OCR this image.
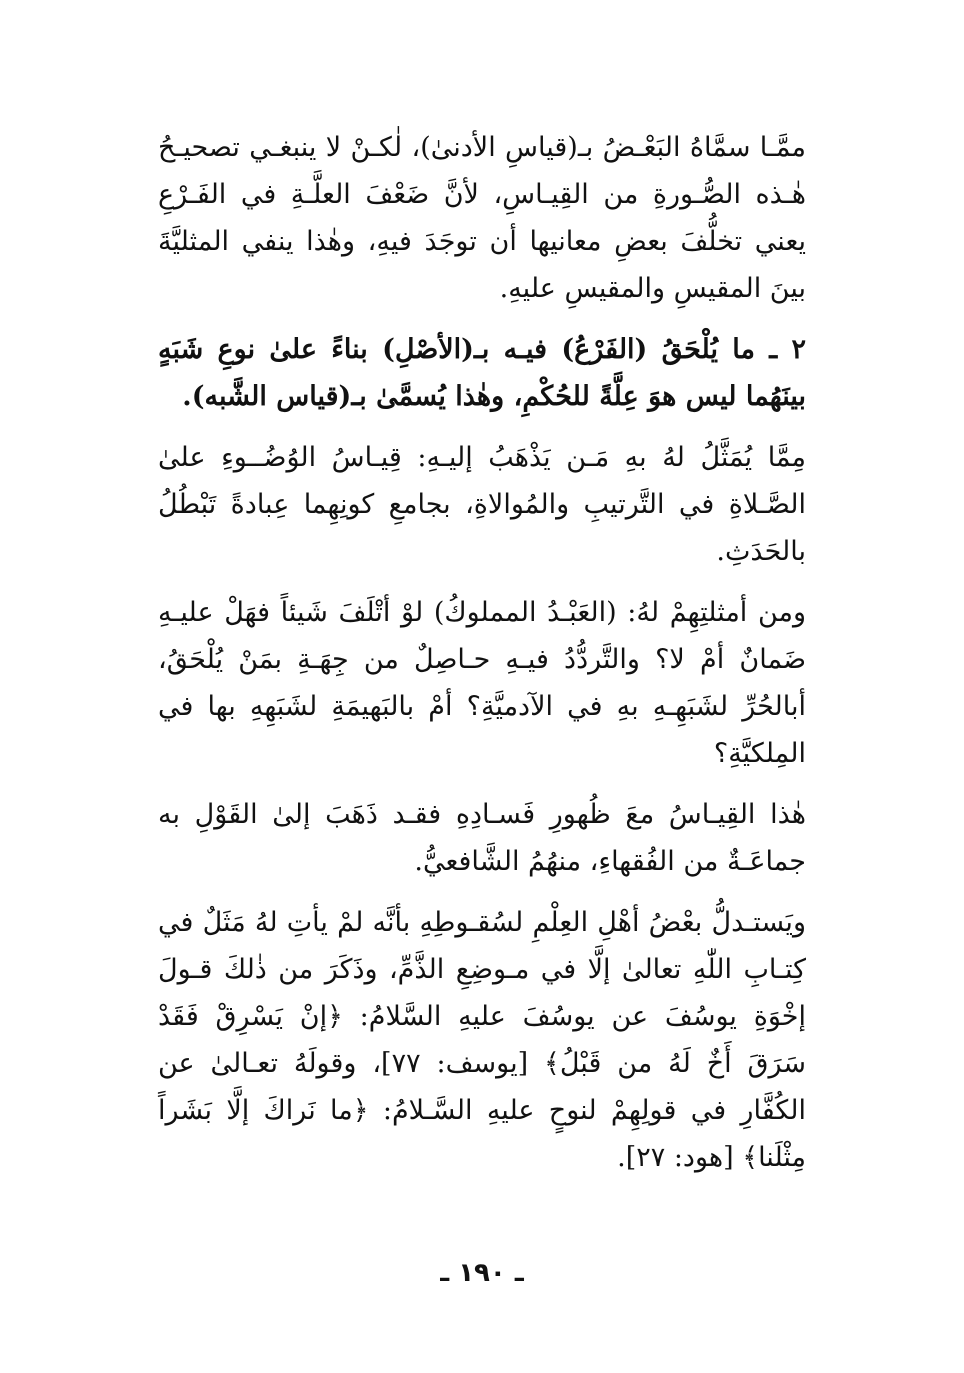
ممَّـا سمَّاهُ البَعْـضُ بـ(قياسِ الأدنىٰ)، لٰكـنْ لا ينبغـي تصحيـحُ هٰـذه الصُّـورةِ من القِيـاسِ، لأنَّ ضَعْفَ العلَّـةِ في الفَـرْعِ يعني تخلُّفَ بعضِ معانيها أن توجَدَ فيهِ، وهٰذا ينفي المثليَّةَ بينَ المقيسِ والمقيسِ عليهِ.

٢ ـ ما يُلْحَقُ (الفَرْعُ) فيـه بـ(الأصْلِ) بناءً علىٰ نوعِ شَبَهٍ بينَهُما ليس هوَ عِلَّةً للحُكْمِ، وهٰذا يُسمَّىٰ بـ(قياس الشَّبه).

مِمَّا يُمَثَّلُ لهُ بهِ مَـن يَذْهَبُ إليـهِ: قِيـاسُ الوُضُــوءِ علىٰ الصَّـلاةِ في التَّرتيبِ والمُوالاةِ، بجامعِ كونِهِما عِبادةً تَبْطُلُ بالحَدَثِ.

ومن أمثلتِهِمْ لهُ: (العَبْـدُ المملوكُ) لوْ أتْلَفَ شَيئاً فهَلْ عليـهِ ضَمانٌ أمْ لا؟ والتَّردُّدُ فيـهِ حـاصِلٌ من جِهَـةِ بمَنْ يُلْحَقُ، أبالحُرِّ لشَبَهِـهِ بهِ في الآدميَّةِ؟ أمْ بالبَهيمَةِ لشَبَهِهِ بها في المِلكيَّةِ؟

هٰذا القِيـاسُ معَ ظُهورِ فَسـادِهِ فقـد ذَهَبَ إلىٰ القَوْلِ به جماعَـةٌ من الفُقهاءِ، منهُمُ الشَّافعيُّ.

ويَستـدلُّ بعْضُ أهْلِ العِلْمِ لسُقـوطِهِ بأنَّه لمْ يأتِ لهُ مَثَلٌ في كِتـابِ اللّٰهِ تعالىٰ إلَّا في مـوضِعِ الذَّمِّ، وذَكَرَ من ذٰلكَ قـولَ إخْوَةِ يوسُفَ عن يوسُفَ عليهِ السَّلامُ: ﴿إنْ يَسْرِقْ فَقَدْ سَرَقَ أَخٌ لَهُ من قَبْلُ﴾ [يوسف: ٧٧]، وقولَهُ تعـالىٰ عن الكُفَّارِ في قولِهِمْ لنوحٍ عليهِ السَّـلامُ: ﴿ما نَراكَ إلَّا بَشَراً مِثْلَنا﴾ [هود: ٢٧].

ـ ١٩٠ ـ
